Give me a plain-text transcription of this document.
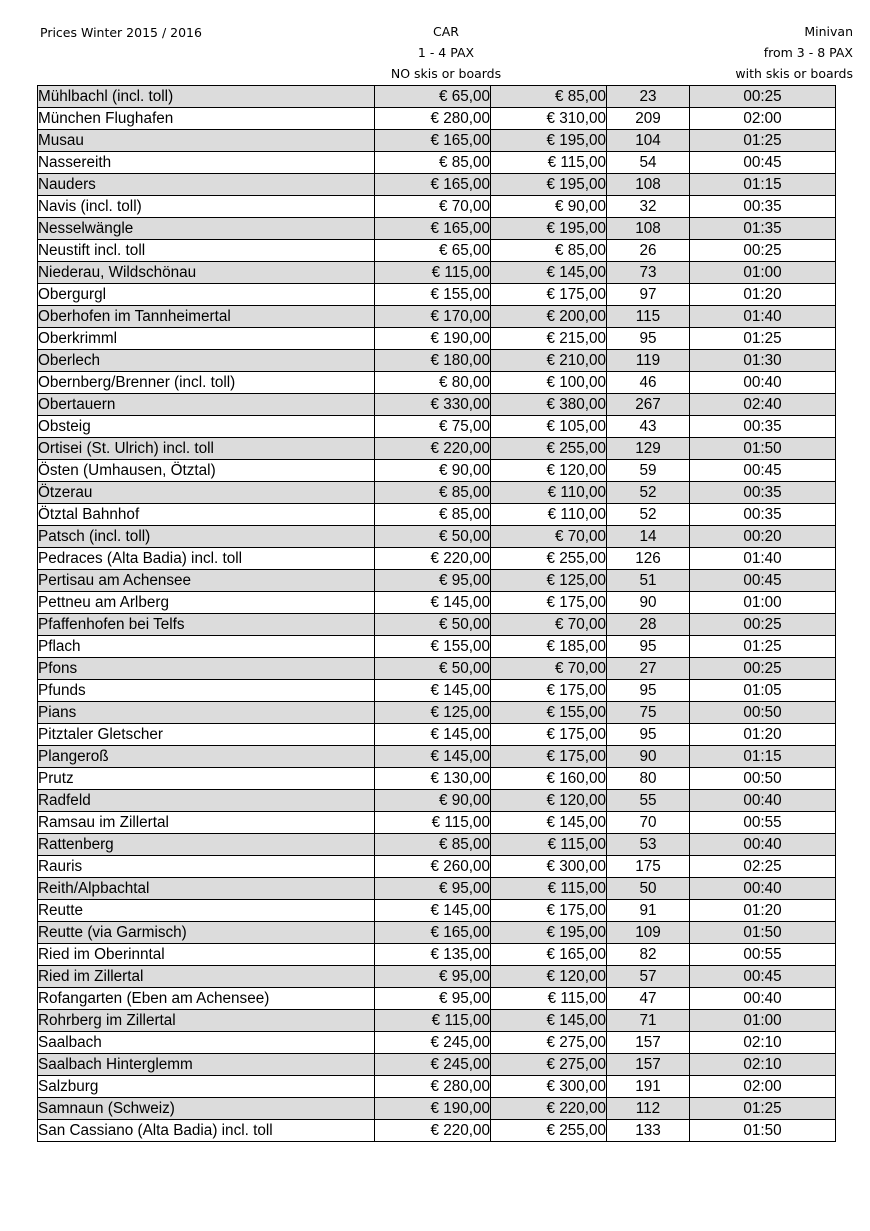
Prices Winter 2015 / 2016	CAR
1 - 4 PAX
NO skis or boards
Minivan
from 3 - 8 PAX
with skis or boards
Mühlbachl (incl. toll)	€ 65,00	€ 85,00	23	00:25
München Flughafen	€ 280,00	€ 310,00	209	02:00
Musau	€ 165,00	€ 195,00	104	01:25
Nassereith	€ 85,00	€ 115,00	54	00:45
Nauders	€ 165,00	€ 195,00	108	01:15
Navis (incl. toll)	€ 70,00	€ 90,00	32	00:35
Nesselwängle	€ 165,00	€ 195,00	108	01:35
Neustift incl. toll	€ 65,00	€ 85,00	26	00:25
Niederau, Wildschönau	€ 115,00	€ 145,00	73	01:00
Obergurgl	€ 155,00	€ 175,00	97	01:20
Oberhofen im Tannheimertal	€ 170,00	€ 200,00	115	01:40
Oberkrimml	€ 190,00	€ 215,00	95	01:25
Oberlech	€ 180,00	€ 210,00	119	01:30
Obernberg/Brenner (incl. toll)	€ 80,00	€ 100,00	46	00:40
Obertauern	€ 330,00	€ 380,00	267	02:40
Obsteig	€ 75,00	€ 105,00	43	00:35
Ortisei (St. Ulrich) incl. toll	€ 220,00	€ 255,00	129	01:50
Östen (Umhausen, Ötztal)	€ 90,00	€ 120,00	59	00:45
Ötzerau	€ 85,00	€ 110,00	52	00:35
Ötztal Bahnhof	€ 85,00	€ 110,00	52	00:35
Patsch (incl. toll)	€ 50,00	€ 70,00	14	00:20
Pedraces (Alta Badia) incl. toll	€ 220,00	€ 255,00	126	01:40
Pertisau am Achensee	€ 95,00	€ 125,00	51	00:45
Pettneu am Arlberg	€ 145,00	€ 175,00	90	01:00
Pfaffenhofen bei Telfs	€ 50,00	€ 70,00	28	00:25
Pflach	€ 155,00	€ 185,00	95	01:25
Pfons	€ 50,00	€ 70,00	27	00:25
Pfunds	€ 145,00	€ 175,00	95	01:05
Pians	€ 125,00	€ 155,00	75	00:50
Pitztaler Gletscher	€ 145,00	€ 175,00	95	01:20
Plangeroß	€ 145,00	€ 175,00	90	01:15
Prutz	€ 130,00	€ 160,00	80	00:50
Radfeld	€ 90,00	€ 120,00	55	00:40
Ramsau im Zillertal	€ 115,00	€ 145,00	70	00:55
Rattenberg	€ 85,00	€ 115,00	53	00:40
Rauris	€ 260,00	€ 300,00	175	02:25
Reith/Alpbachtal	€ 95,00	€ 115,00	50	00:40
Reutte	€ 145,00	€ 175,00	91	01:20
Reutte (via Garmisch)	€ 165,00	€ 195,00	109	01:50
Ried im Oberinntal	€ 135,00	€ 165,00	82	00:55
Ried im Zillertal	€ 95,00	€ 120,00	57	00:45
Rofangarten (Eben am Achensee)	€ 95,00	€ 115,00	47	00:40
Rohrberg im Zillertal	€ 115,00	€ 145,00	71	01:00
Saalbach	€ 245,00	€ 275,00	157	02:10
Saalbach Hinterglemm	€ 245,00	€ 275,00	157	02:10
Salzburg	€ 280,00	€ 300,00	191	02:00
Samnaun (Schweiz)	€ 190,00	€ 220,00	112	01:25
San Cassiano (Alta Badia) incl. toll	€ 220,00	€ 255,00	133	01:50
